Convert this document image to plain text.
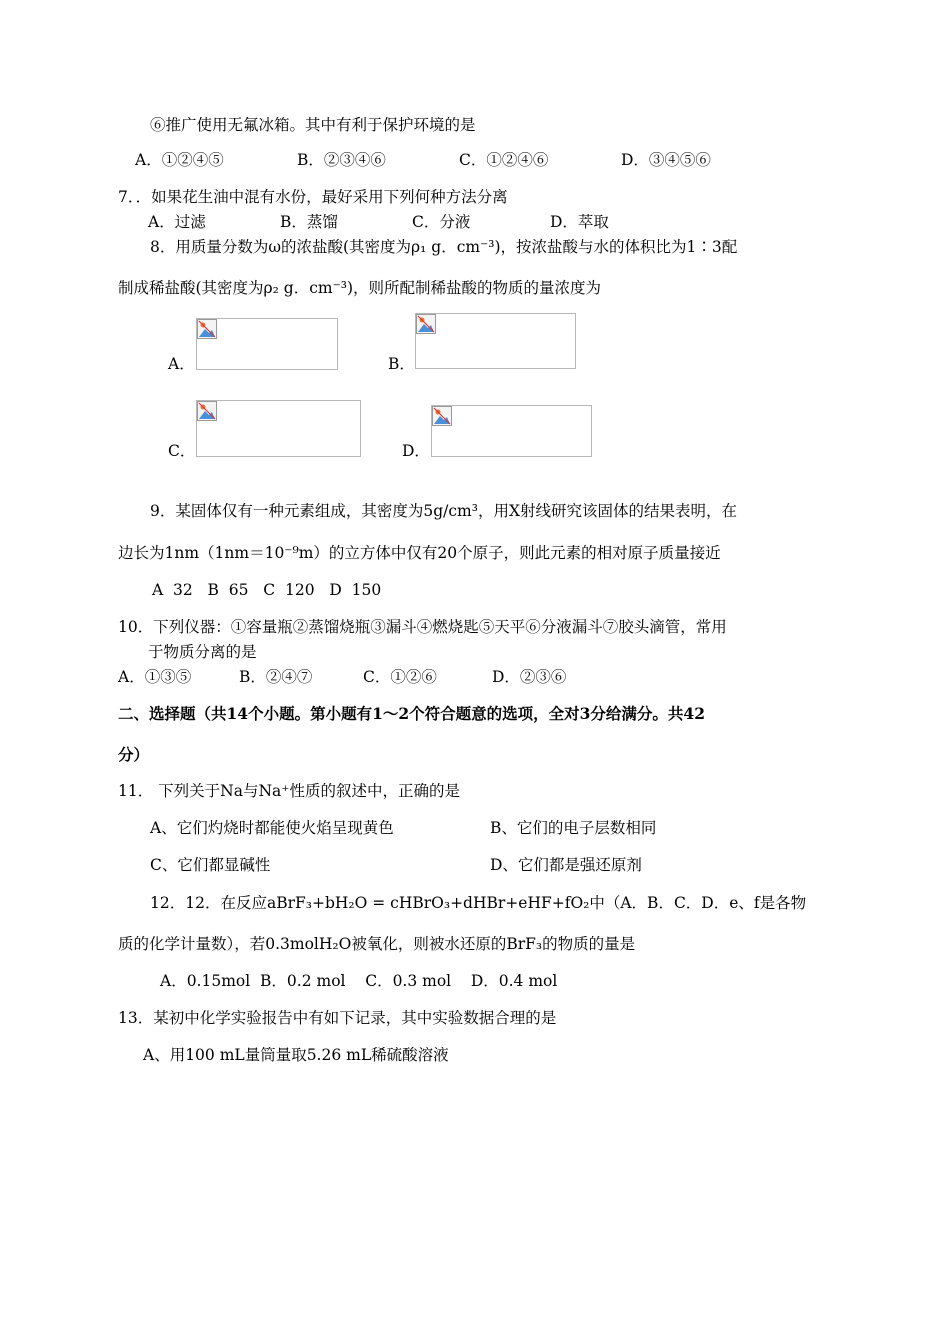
⑥推广使用无氟冰箱。其中有利于保护环境的是
A．①②④⑤	B．②③④⑥	C．①②④⑥	D．③④⑤⑥
7．．如果花生油中混有水份，最好采用下列何种方法分离
A．过滤	B．蒸馏	C．分液	D．萃取
8．用质量分数为ω的浓盐酸(其密度为ρ₁ g．cm⁻³)，按浓盐酸与水的体积比为1∶3配
制成稀盐酸(其密度为ρ₂ g．cm⁻³)，则所配制稀盐酸的物质的量浓度为
A．	B．
C．	D．
9．某固体仅有一种元素组成，其密度为5g/cm³，用X射线研究该固体的结果表明，在
边长为1nm（1nm＝10⁻⁹m）的立方体中仅有20个原子，则此元素的相对原子质量接近
A  32   B  65   C  120   D  150
10．下列仪器：①容量瓶②蒸馏烧瓶③漏斗④燃烧匙⑤天平⑥分液漏斗⑦胶头滴管，常用
于物质分离的是
A．①③⑤	B．②④⑦	C．①②⑥	D．②③⑥
二、选择题（共14个小题。第小题有1～2个符合题意的选项，全对3分给满分。共42
分）
11． 下列关于Na与Na⁺性质的叙述中，正确的是
A、它们灼烧时都能使火焰呈现黄色	B、它们的电子层数相同
C、它们都显碱性	D、它们都是强还原剂
12．12．在反应aBrF₃+bH₂O = cHBrO₃+dHBr+eHF+fO₂中（A．B．C．D．e、f是各物
质的化学计量数），若0.3molH₂O被氧化，则被水还原的BrF₃的物质的量是
A．0.15mol  B．0.2 mol    C．0.3 mol    D．0.4 mol
13．某初中化学实验报告中有如下记录，其中实验数据合理的是
A、用100 mL量筒量取5.26 mL稀硫酸溶液
